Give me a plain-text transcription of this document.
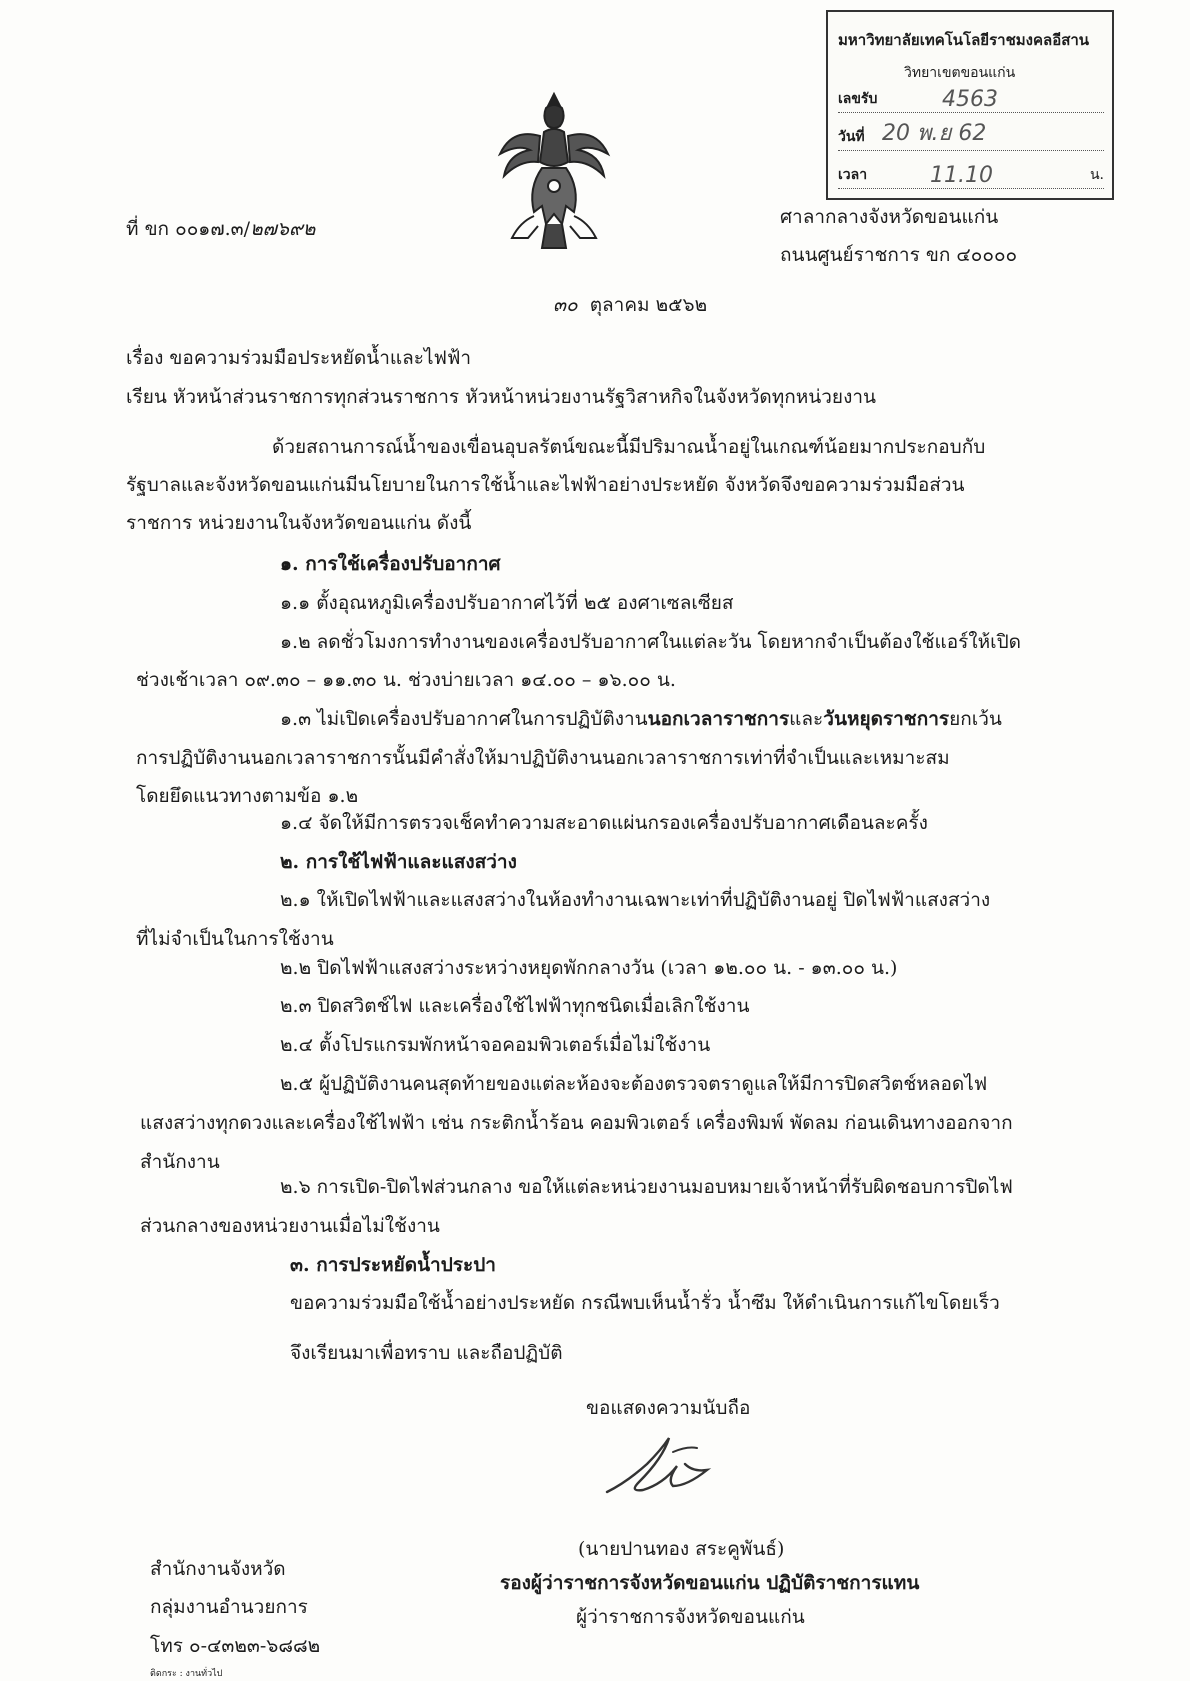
มหาวิทยาลัยเทคโนโลยีราชมงคลอีสาน
วิทยาเขตขอนแก่น
เลขรับ	4563
วันที่ 20 พ.ย 62
เวลา	11.10	น.
ที่ ขก ๐๐๑๗.๓/๒๗๖๙๒
ศาลากลางจังหวัดขอนแก่น
ถนนศูนย์ราชการ ขก ๔๐๐๐๐
๓๐ ตุลาคม ๒๕๖๒
เรื่อง ขอความร่วมมือประหยัดน้ำและไฟฟ้า
เรียน หัวหน้าส่วนราชการทุกส่วนราชการ หัวหน้าหน่วยงานรัฐวิสาหกิจในจังหวัดทุกหน่วยงาน
ด้วยสถานการณ์น้ำของเขื่อนอุบลรัตน์ขณะนี้มีปริมาณน้ำอยู่ในเกณฑ์น้อยมากประกอบกับ
รัฐบาลและจังหวัดขอนแก่นมีนโยบายในการใช้น้ำและไฟฟ้าอย่างประหยัด จังหวัดจึงขอความร่วมมือส่วน
ราชการ หน่วยงานในจังหวัดขอนแก่น ดังนี้
๑. การใช้เครื่องปรับอากาศ
๑.๑ ตั้งอุณหภูมิเครื่องปรับอากาศไว้ที่ ๒๕ องศาเซลเซียส
๑.๒ ลดชั่วโมงการทำงานของเครื่องปรับอากาศในแต่ละวัน โดยหากจำเป็นต้องใช้แอร์ให้เปิด
ช่วงเช้าเวลา ๐๙.๓๐ – ๑๑.๓๐ น. ช่วงบ่ายเวลา ๑๔.๐๐ – ๑๖.๐๐ น.
๑.๓ ไม่เปิดเครื่องปรับอากาศในการปฏิบัติงานนอกเวลาราชการและวันหยุดราชการยกเว้น
การปฏิบัติงานนอกเวลาราชการนั้นมีคำสั่งให้มาปฏิบัติงานนอกเวลาราชการเท่าที่จำเป็นและเหมาะสม
โดยยึดแนวทางตามข้อ ๑.๒
๑.๔ จัดให้มีการตรวจเช็คทำความสะอาดแผ่นกรองเครื่องปรับอากาศเดือนละครั้ง
๒. การใช้ไฟฟ้าและแสงสว่าง
๒.๑ ให้เปิดไฟฟ้าและแสงสว่างในห้องทำงานเฉพาะเท่าที่ปฏิบัติงานอยู่ ปิดไฟฟ้าแสงสว่าง
ที่ไม่จำเป็นในการใช้งาน
๒.๒ ปิดไฟฟ้าแสงสว่างระหว่างหยุดพักกลางวัน (เวลา ๑๒.๐๐ น. - ๑๓.๐๐ น.)
๒.๓ ปิดสวิตช์ไฟ และเครื่องใช้ไฟฟ้าทุกชนิดเมื่อเลิกใช้งาน
๒.๔ ตั้งโปรแกรมพักหน้าจอคอมพิวเตอร์เมื่อไม่ใช้งาน
๒.๕ ผู้ปฏิบัติงานคนสุดท้ายของแต่ละห้องจะต้องตรวจตราดูแลให้มีการปิดสวิตช์หลอดไฟ
แสงสว่างทุกดวงและเครื่องใช้ไฟฟ้า เช่น กระติกน้ำร้อน คอมพิวเตอร์ เครื่องพิมพ์ พัดลม ก่อนเดินทางออกจาก
สำนักงาน
๒.๖ การเปิด-ปิดไฟส่วนกลาง ขอให้แต่ละหน่วยงานมอบหมายเจ้าหน้าที่รับผิดชอบการปิดไฟ
ส่วนกลางของหน่วยงานเมื่อไม่ใช้งาน
๓. การประหยัดน้ำประปา
ขอความร่วมมือใช้น้ำอย่างประหยัด กรณีพบเห็นน้ำรั่ว น้ำซึม ให้ดำเนินการแก้ไขโดยเร็ว
จึงเรียนมาเพื่อทราบ และถือปฏิบัติ
ขอแสดงความนับถือ
(นายปานทอง สระคูพันธ์)
รองผู้ว่าราชการจังหวัดขอนแก่น ปฏิบัติราชการแทน
ผู้ว่าราชการจังหวัดขอนแก่น
สำนักงานจังหวัด
กลุ่มงานอำนวยการ
โทร ๐-๔๓๒๓-๖๘๘๒
ติดกระ : งานทั่วไป
